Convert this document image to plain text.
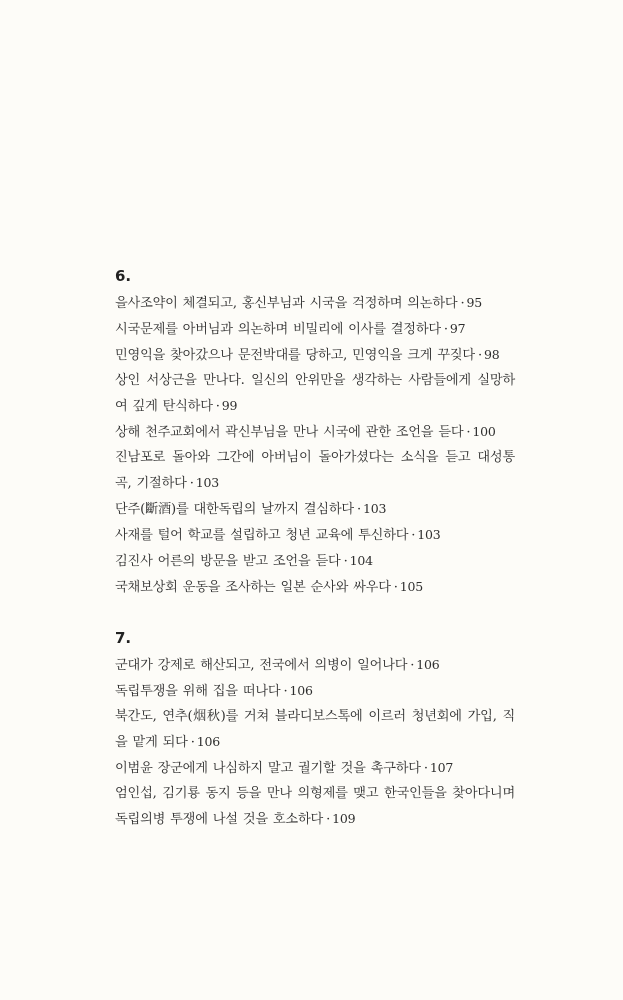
6.
을사조약이 체결되고, 홍신부님과 시국을 걱정하며 의논하다 · 95
시국문제를 아버님과 의논하며 비밀리에 이사를 결정하다 · 97
민영익을 찾아갔으나 문전박대를 당하고, 민영익을 크게 꾸짖다 · 98
상인 서상근을 만나다. 일신의 안위만을 생각하는 사람들에게 실망하여 깊게 탄식하다 · 99
상해 천주교회에서 곽신부님을 만나 시국에 관한 조언을 듣다 · 100
진남포로 돌아와 그간에 아버님이 돌아가셨다는 소식을 듣고 대성통곡, 기절하다 · 103
단주(斷酒)를 대한독립의 날까지 결심하다 · 103
사재를 털어 학교를 설립하고 청년 교육에 투신하다 · 103
김진사 어른의 방문을 받고 조언을 듣다 · 104
국채보상회 운동을 조사하는 일본 순사와 싸우다 · 105
7.
군대가 강제로 해산되고, 전국에서 의병이 일어나다 · 106
독립투쟁을 위해 집을 떠나다 · 106
북간도, 연추(烟秋)를 거쳐 블라디보스톡에 이르러 청년회에 가입, 직을 맡게 되다 · 106
이범윤 장군에게 나심하지 말고 궐기할 것을 촉구하다 · 107
엄인섭, 김기룡 동지 등을 만나 의형제를 맺고 한국인들을 찾아다니며 독립의병 투쟁에 나설 것을 호소하다 · 109
